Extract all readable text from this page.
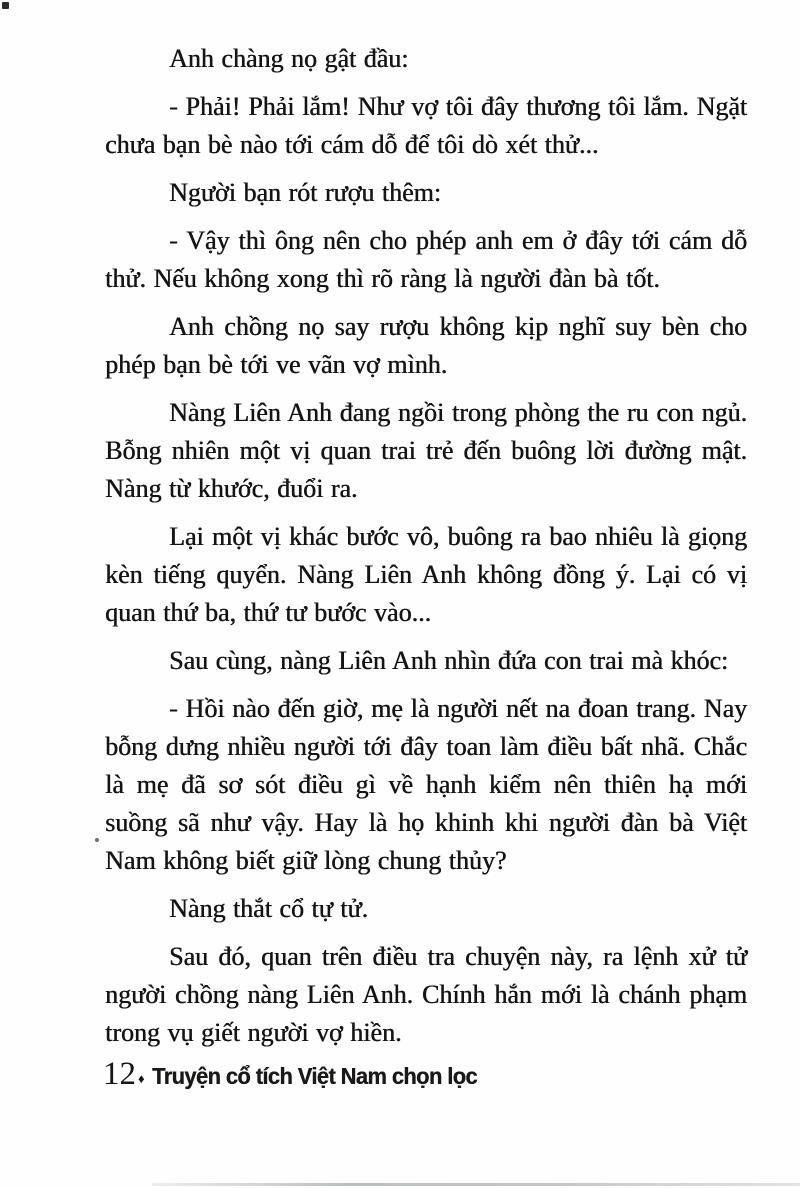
Anh chàng nọ gật đầu:

- Phải! Phải lắm! Như vợ tôi đây thương tôi lắm. Ngặt chưa bạn bè nào tới cám dỗ để tôi dò xét thử...

Người bạn rót rượu thêm:

- Vậy thì ông nên cho phép anh em ở đây tới cám dỗ thử. Nếu không xong thì rõ ràng là người đàn bà tốt.

Anh chồng nọ say rượu không kịp nghĩ suy bèn cho phép bạn bè tới ve vãn vợ mình.

Nàng Liên Anh đang ngồi trong phòng the ru con ngủ. Bỗng nhiên một vị quan trai trẻ đến buông lời đường mật. Nàng từ khước, đuổi ra.

Lại một vị khác bước vô, buông ra bao nhiêu là giọng kèn tiếng quyển. Nàng Liên Anh không đồng ý. Lại có vị quan thứ ba, thứ tư bước vào...

Sau cùng, nàng Liên Anh nhìn đứa con trai mà khóc:

- Hồi nào đến giờ, mẹ là người nết na đoan trang. Nay bỗng dưng nhiều người tới đây toan làm điều bất nhã. Chắc là mẹ đã sơ sót điều gì về hạnh kiểm nên thiên hạ mới suồng sã như vậy. Hay là họ khinh khi người đàn bà Việt Nam không biết giữ lòng chung thủy?

Nàng thắt cổ tự tử.

Sau đó, quan trên điều tra chuyện này, ra lệnh xử tử người chồng nàng Liên Anh. Chính hắn mới là chánh phạm trong vụ giết người vợ hiền.

12 ♦ Truyện cổ tích Việt Nam chọn lọc
